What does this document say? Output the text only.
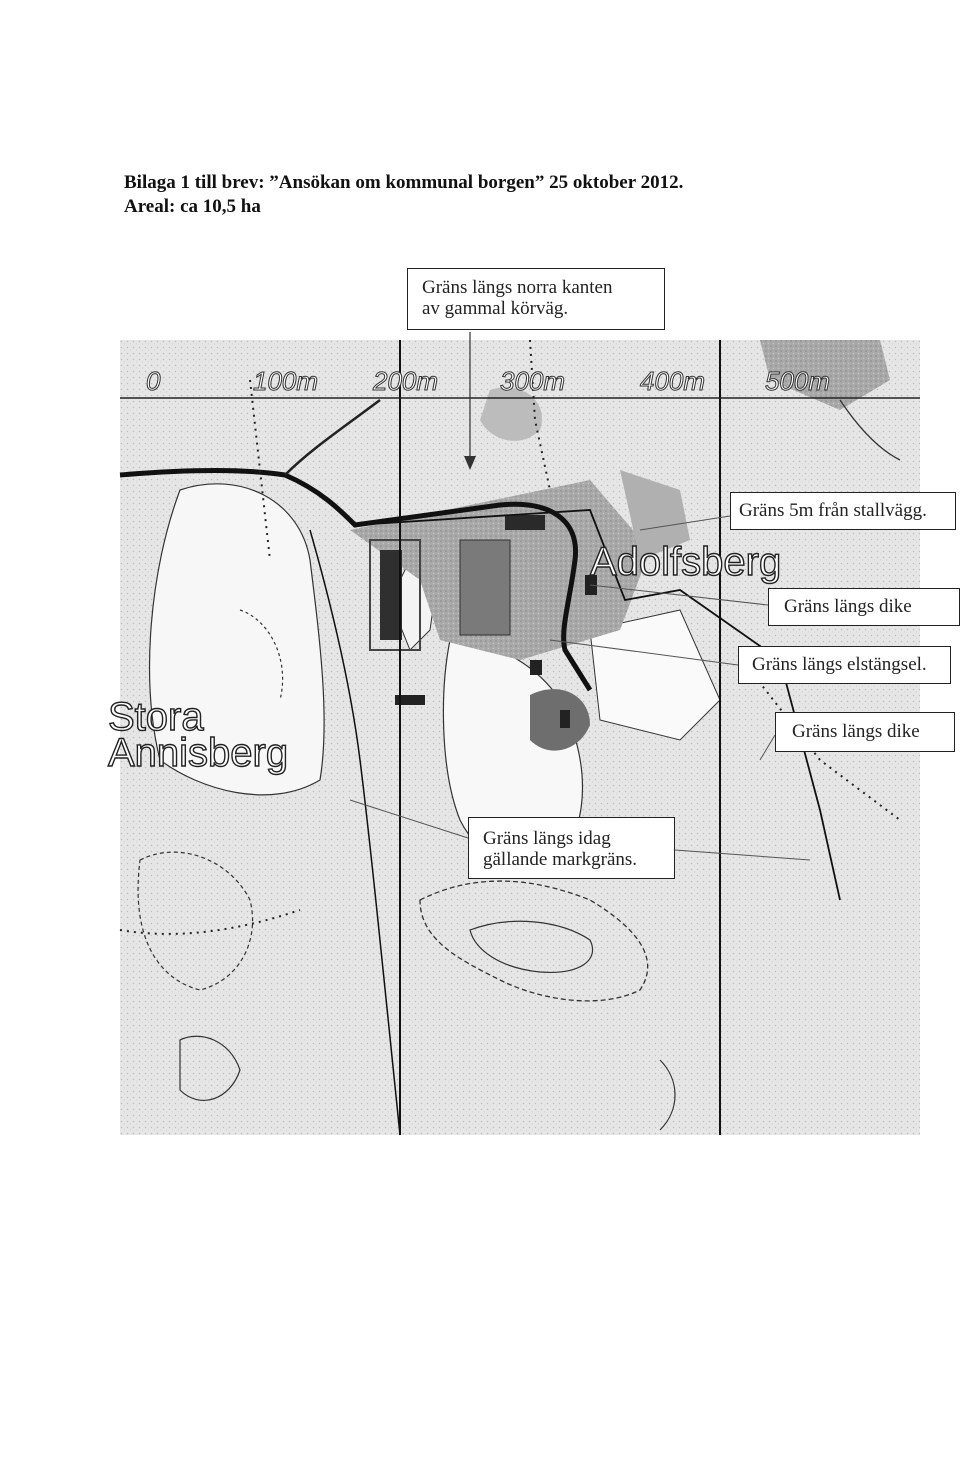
Bilaga 1 till brev: ”Ansökan om kommunal borgen” 25 oktober 2012.
Areal: ca 10,5 ha
0	100m 200m 300m	400m 500m
Adolfsberg
Stora
Annisberg
Gräns längs norra kanten
av gammal körväg.
Gräns 5m från stallvägg.
Gräns längs dike
Gräns längs elstängsel.
Gräns längs dike
Gräns längs idag
gällande markgräns.
